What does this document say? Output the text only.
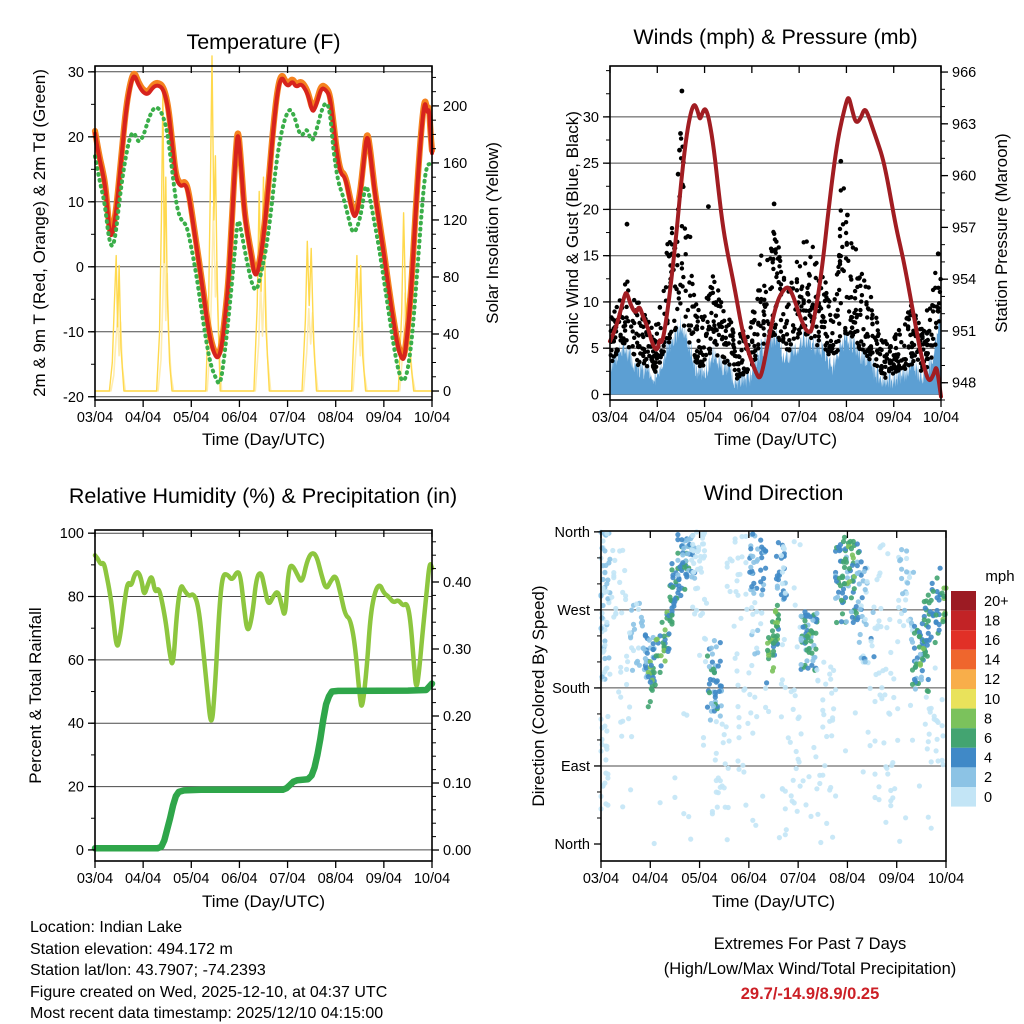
Temperature (F)	Winds (mph) & Pressure (mb)
Relative Humidity (%) & Precipitation (in)	Wind Direction
2m & 9m T (Red, Orange) & 2m Td (Green)	Solar Insolation (Yellow)	Sonic Wind & Gust (Blue, Black)	Station Pressure (Maroon)
Percent & Total Rainfall	Direction (Colored By Speed)
Time (Day/UTC)	Time (Day/UTC)
Time (Day/UTC)	Time (Day/UTC)
mph
30
20
10
0
-10
-20
200
160
120
80
40
0
03/04 04/04 05/04 06/04 07/04 08/04 09/04 10/04
30
25
20
15
10
5
0
966
963
960
957
954
951
948
03/04 04/04 05/04 06/04 07/04 08/04 09/04 10/04
100
80
60
40
20
0
0.40
0.30
0.20
0.10
0.00
03/04 04/04 05/04 06/04 07/04 08/04 09/04 10/04
North
West
South
East
North
03/04 04/04 05/04 06/04 07/04 08/04 09/04 10/04
20+
18
16
14
12
10
8
6
4
2
0
Location: Indian Lake
Station elevation: 494.172 m
Station lat/lon: 43.7907; -74.2393
Figure created on Wed, 2025-12-10, at 04:37 UTC
Most recent data timestamp: 2025/12/10 04:15:00
Extremes For Past 7 Days
(High/Low/Max Wind/Total Precipitation)
29.7/-14.9/8.9/0.25
